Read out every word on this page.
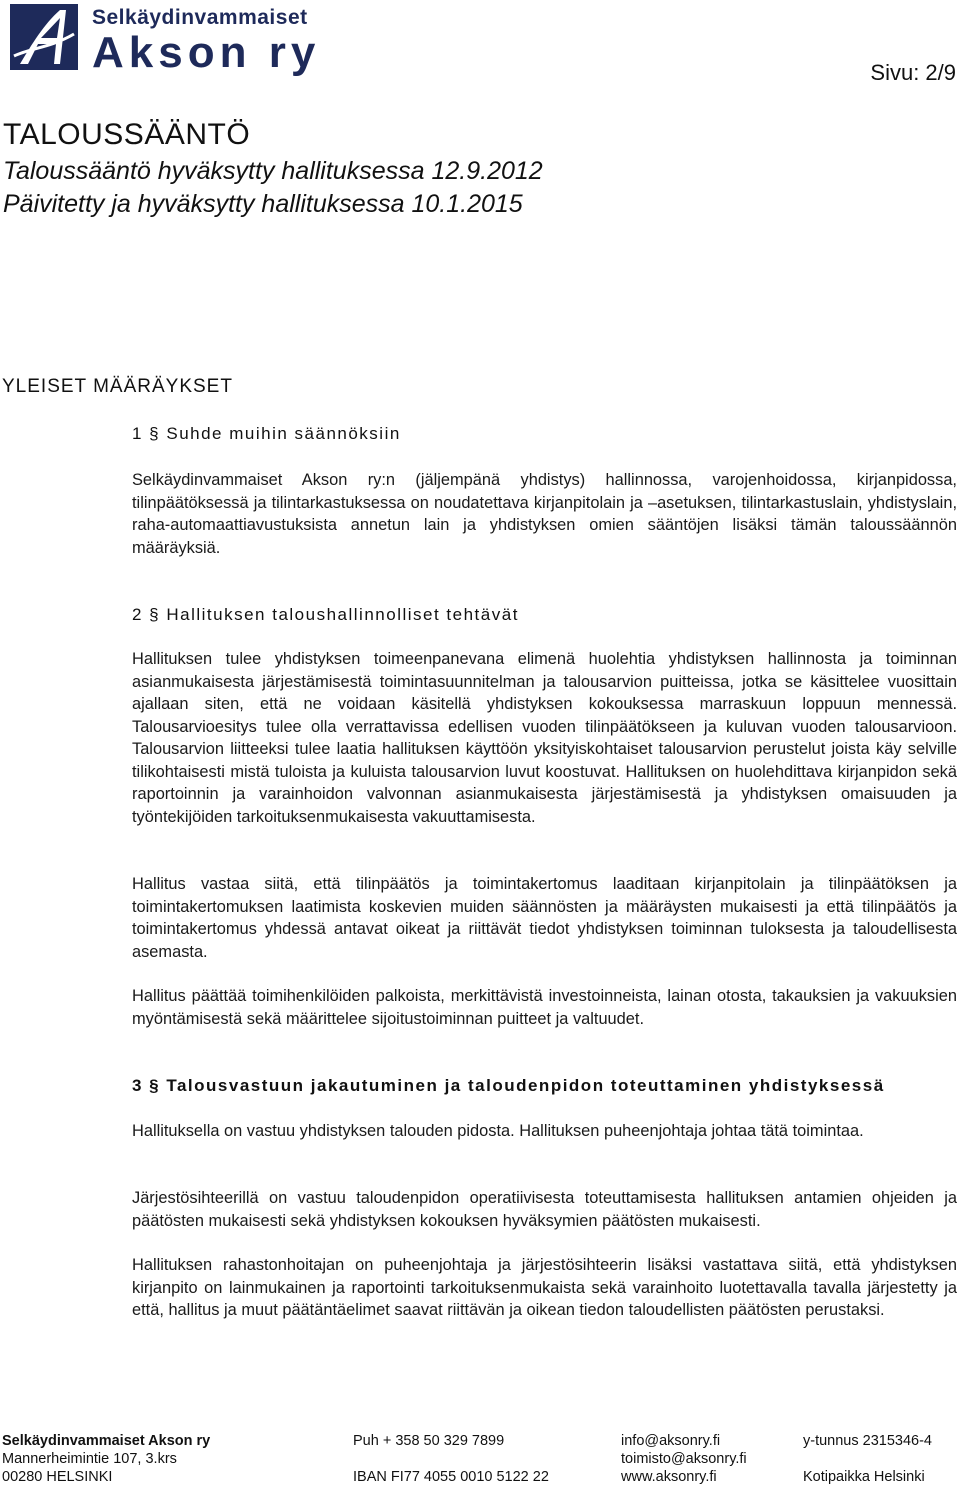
Selkäydinvammaiset
Akson ry	Sivu: 2/9
TALOUSSÄÄNTÖ
Taloussääntö hyväksytty hallituksessa 12.9.2012
Päivitetty ja hyväksytty hallituksessa 10.1.2015
YLEISET MÄÄRÄYKSET
1 § Suhde muihin säännöksiin
Selkäydinvammaiset Akson ry:n (jäljempänä yhdistys) hallinnossa, varojenhoidossa, kirjanpidossa, tilinpäätöksessä ja tilintarkastuksessa on noudatettava kirjanpitolain ja –asetuksen, tilintarkastuslain, yhdistyslain, raha-automaattiavustuksista annetun lain ja yhdistyksen omien sääntöjen lisäksi tämän taloussäännön määräyksiä.
2 § Hallituksen taloushallinnolliset tehtävät
Hallituksen tulee yhdistyksen toimeenpanevana elimenä huolehtia yhdistyksen hallinnosta ja toiminnan asianmukaisesta järjestämisestä toimintasuunnitelman ja talousarvion puitteissa, jotka se käsittelee vuosittain ajallaan siten, että ne voidaan käsitellä yhdistyksen kokouksessa marraskuun loppuun mennessä. Talousarvioesitys tulee olla verrattavissa edellisen vuoden tilinpäätökseen ja kuluvan vuoden talousarvioon. Talousarvion liitteeksi tulee laatia hallituksen käyttöön yksityiskohtaiset talousarvion perustelut joista käy selville tilikohtaisesti mistä tuloista ja kuluista talousarvion luvut koostuvat. Hallituksen on huolehdittava kirjanpidon sekä raportoinnin ja varainhoidon valvonnan asianmukaisesta järjestämisestä ja yhdistyksen omaisuuden ja työntekijöiden tarkoituksenmukaisesta vakuuttamisesta.
Hallitus vastaa siitä, että tilinpäätös ja toimintakertomus laaditaan kirjanpitolain ja tilinpäätöksen ja toimintakertomuksen laatimista koskevien muiden säännösten ja määräysten mukaisesti ja että tilinpäätös ja toimintakertomus yhdessä antavat oikeat ja riittävät tiedot yhdistyksen toiminnan tuloksesta ja taloudellisesta asemasta.
Hallitus päättää toimihenkilöiden palkoista, merkittävistä investoinneista, lainan otosta, takauksien ja vakuuksien myöntämisestä sekä määrittelee sijoitustoiminnan puitteet ja valtuudet.
3 § Talousvastuun jakautuminen ja taloudenpidon toteuttaminen yhdistyksessä
Hallituksella on vastuu yhdistyksen talouden pidosta. Hallituksen puheenjohtaja johtaa tätä toimintaa.
Järjestösihteerillä on vastuu taloudenpidon operatiivisesta toteuttamisesta hallituksen antamien ohjeiden ja päätösten mukaisesti sekä yhdistyksen kokouksen hyväksymien päätösten mukaisesti.
Hallituksen rahastonhoitajan on puheenjohtaja ja järjestösihteerin lisäksi vastattava siitä, että yhdistyksen kirjanpito on lainmukainen ja raportointi tarkoituksenmukaista sekä varainhoito luotettavalla tavalla järjestetty ja että, hallitus ja muut päätäntäelimet saavat riittävän ja oikean tiedon taloudellisten päätösten perustaksi.
Selkäydinvammaiset Akson ry
Mannerheimintie 107, 3.krs
00280 HELSINKI
Puh + 358 50 329 7899

IBAN FI77 4055 0010 5122 22
info@aksonry.fi
toimisto@aksonry.fi
www.aksonry.fi
y-tunnus 2315346-4

Kotipaikka Helsinki
